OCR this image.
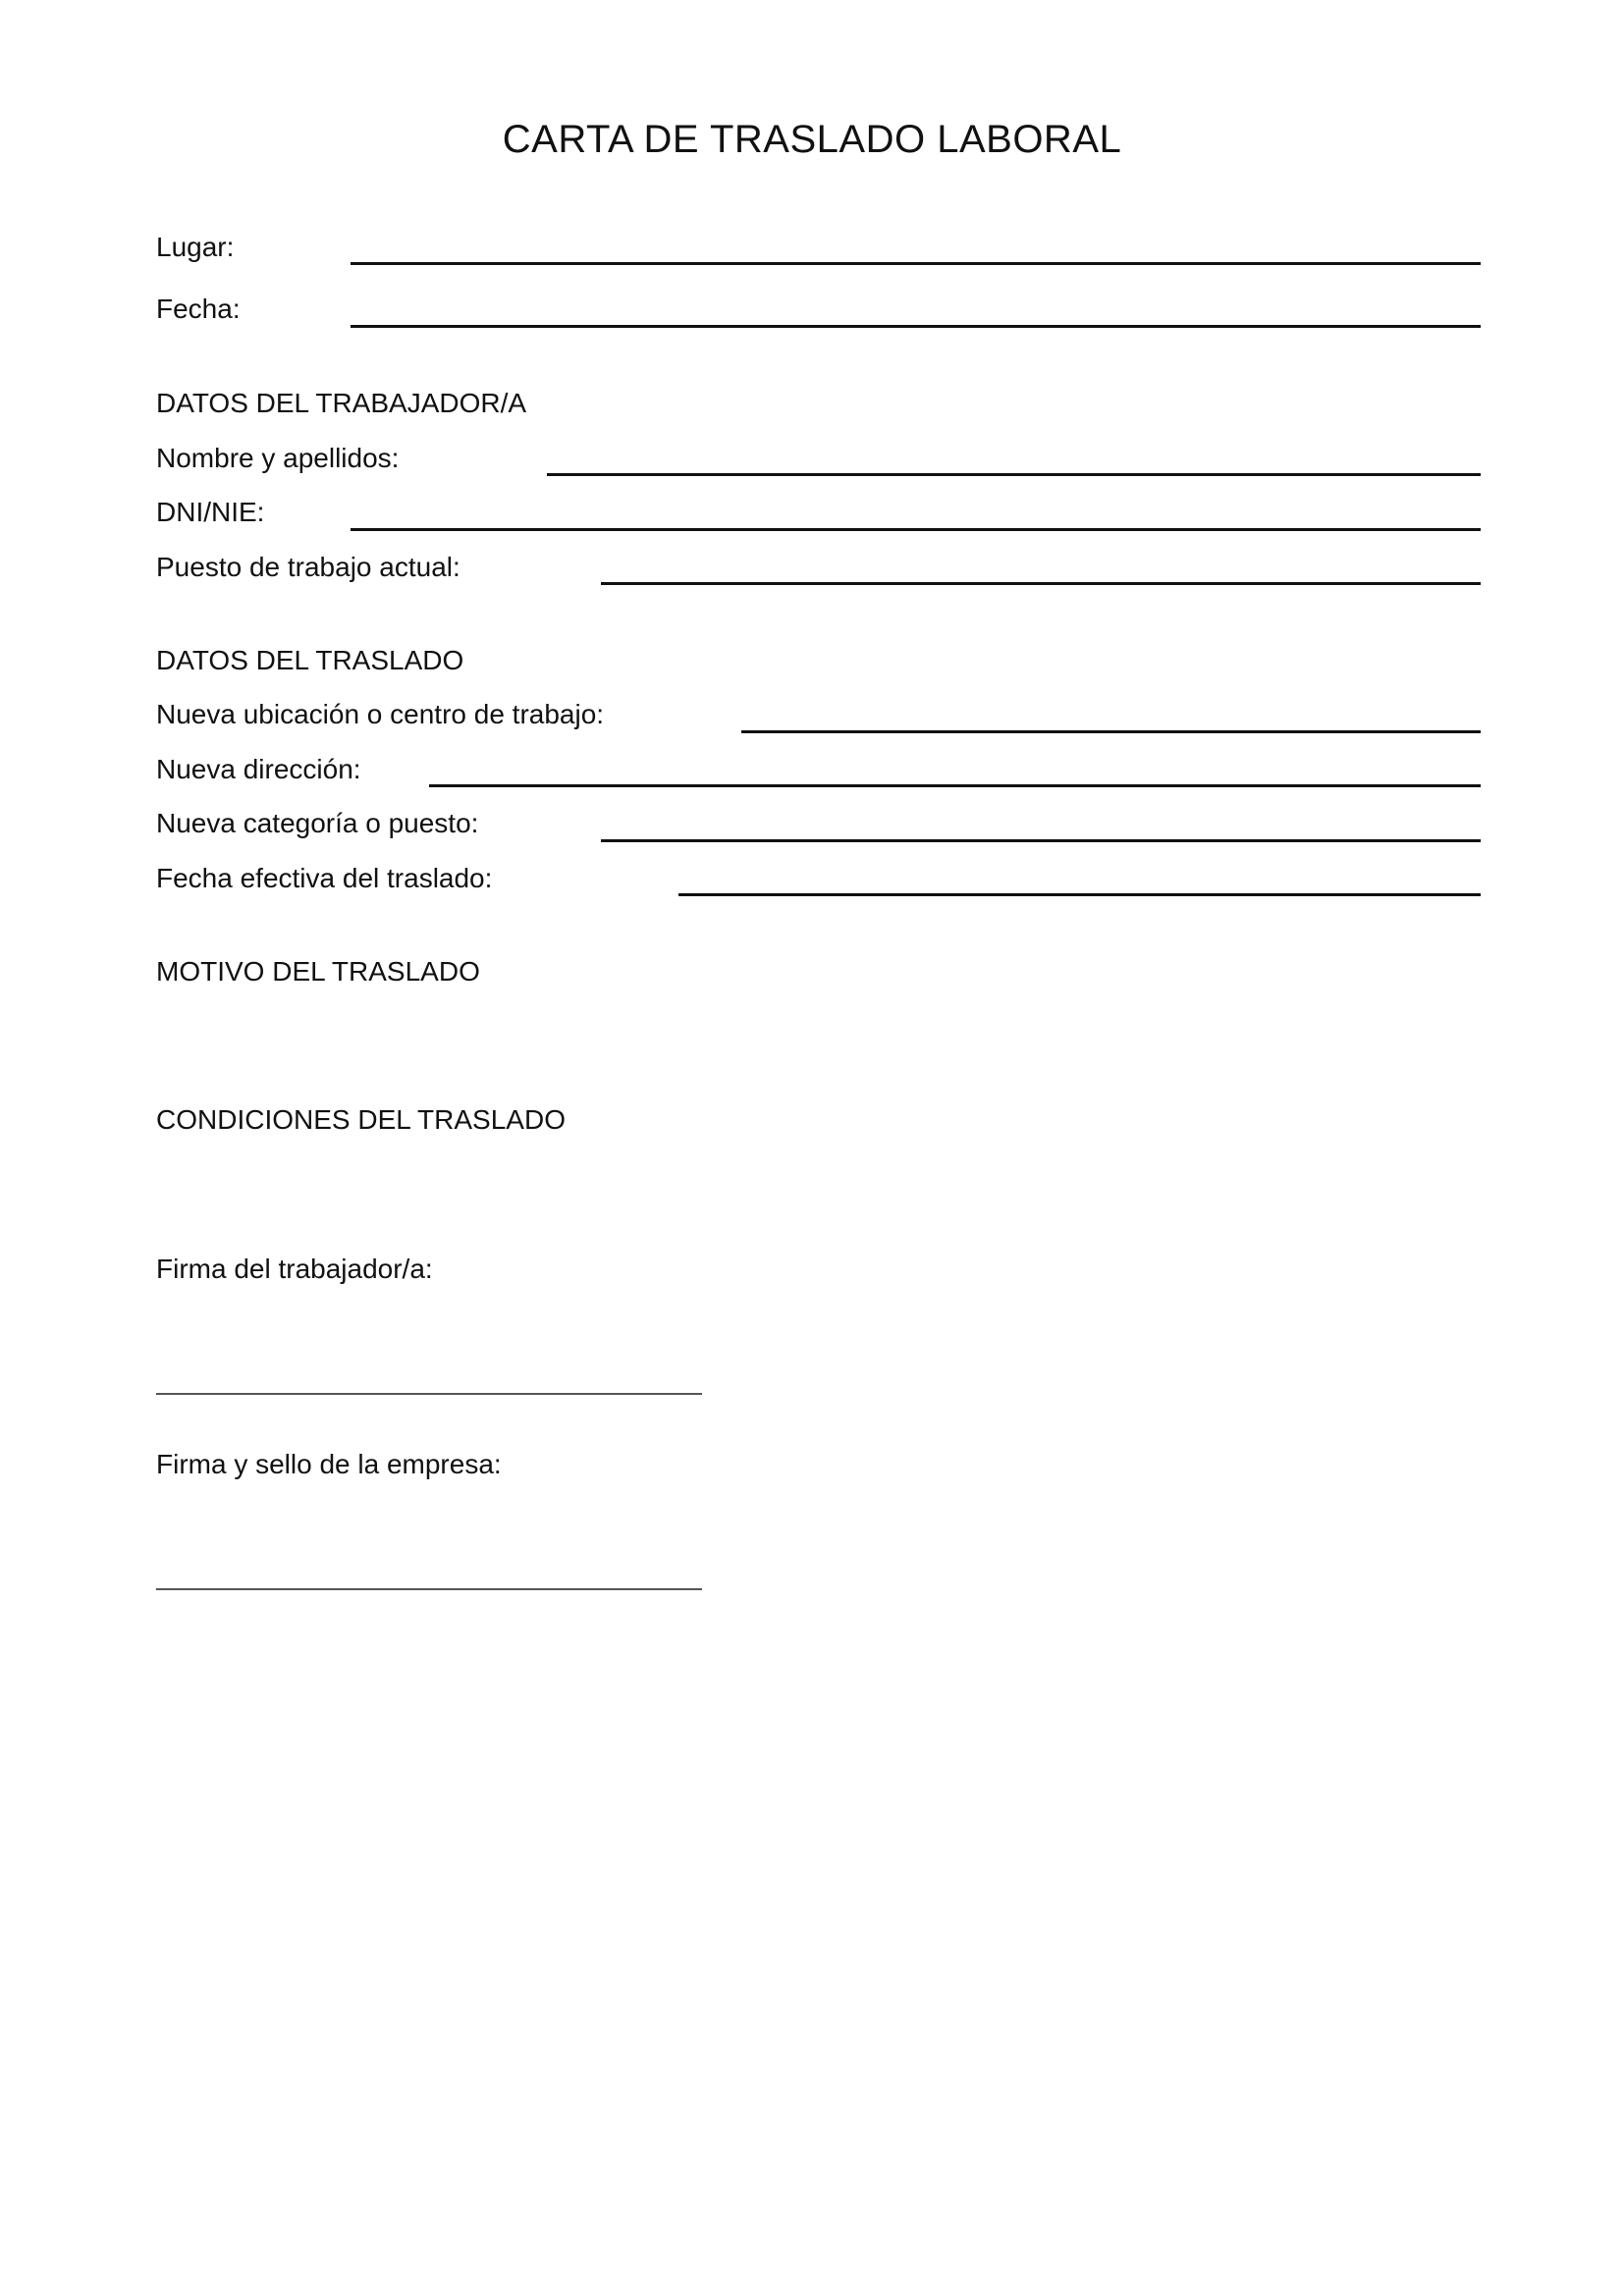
CARTA DE TRASLADO LABORAL
Lugar:
Fecha:
DATOS DEL TRABAJADOR/A
Nombre y apellidos:
DNI/NIE:
Puesto de trabajo actual:
DATOS DEL TRASLADO
Nueva ubicación o centro de trabajo:
Nueva dirección:
Nueva categoría o puesto:
Fecha efectiva del traslado:
MOTIVO DEL TRASLADO
CONDICIONES DEL TRASLADO
Firma del trabajador/a:
Firma y sello de la empresa:
